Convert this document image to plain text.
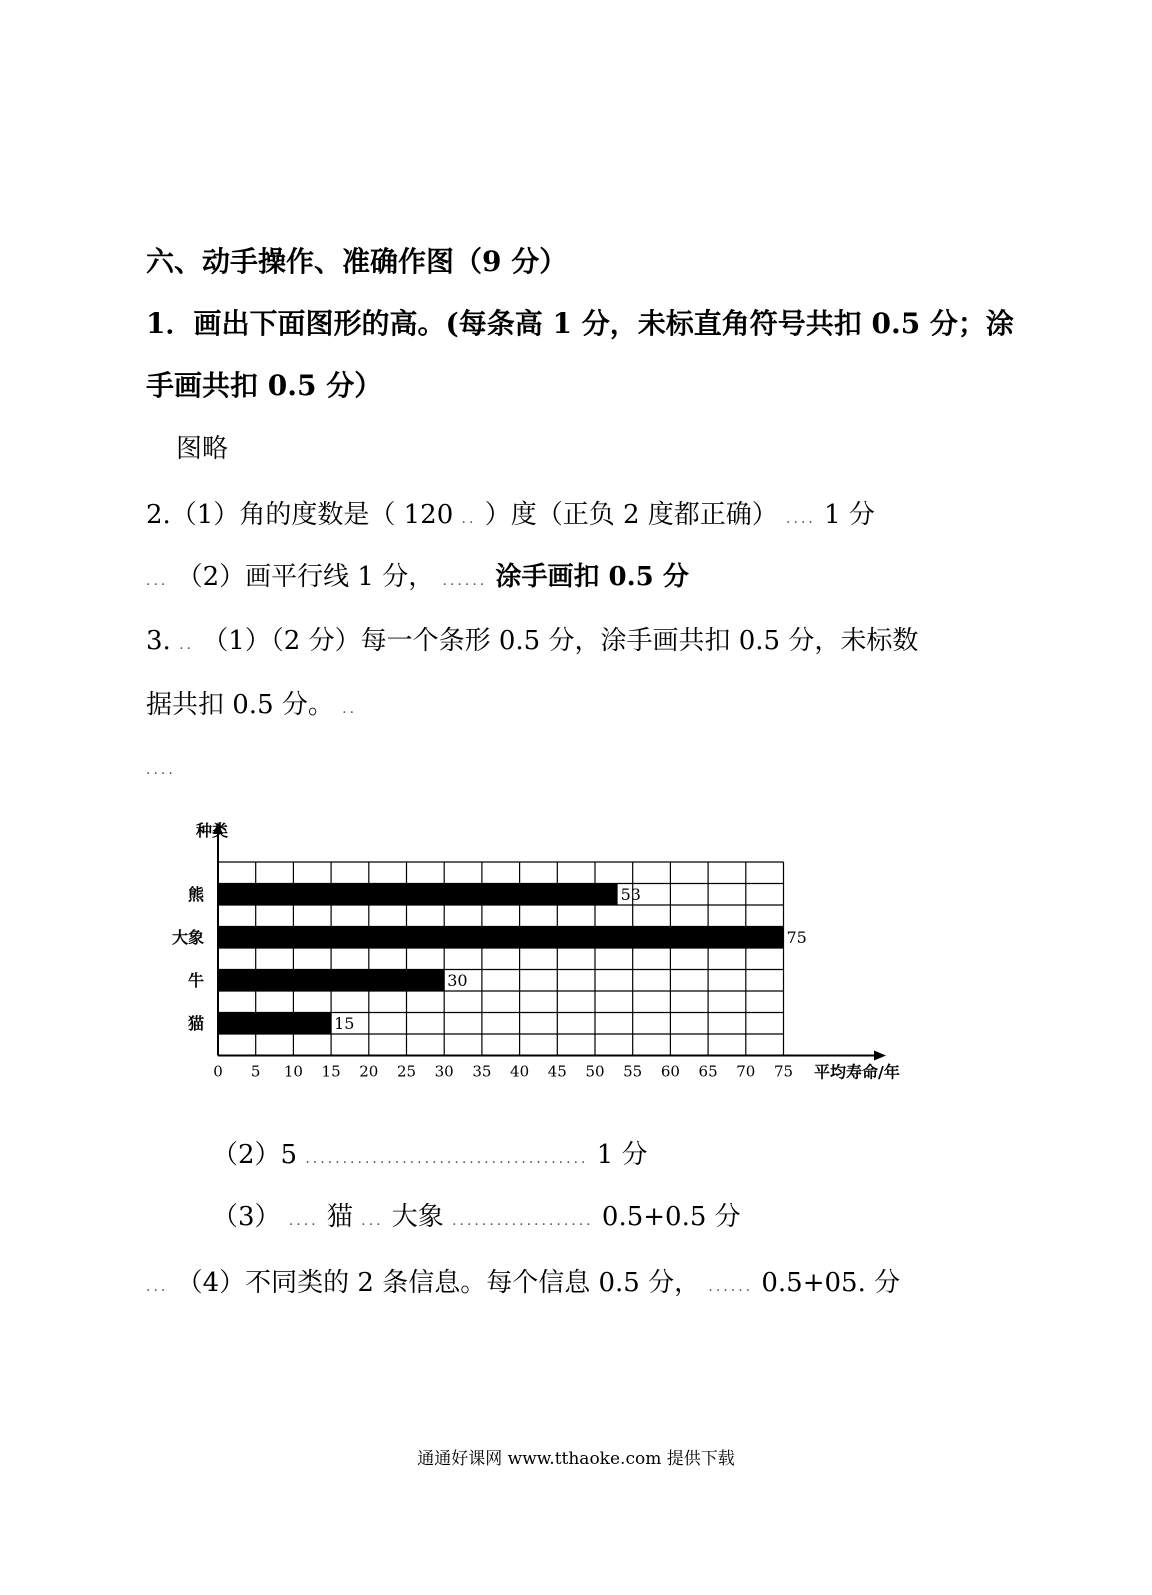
六、动手操作、准确作图（9 分）
1．画出下面图形的高。(每条高 1 分，未标直角符号共扣 0.5 分；涂
手画共扣 0.5 分）
图略
2.（1）角的度数是（ 120 .. ）度（正负 2 度都正确） .... 1 分
... （2）画平行线 1 分， ...... 涂手画扣 0.5 分
3. .. （1）（2 分）每一个条形 0.5 分，涂手画共扣 0.5 分，未标数
据共扣 0.5 分。 ..
....
种类
平均寿命/年
0 5 10 15 20 25 30 35 40 45 50 55 60 65 70 75
熊	53
大象	75
牛	30
猫	15
（2）5 ...................................... 1 分
（3） .... 猫 ... 大象 ................... 0.5+0.5 分
... （4）不同类的 2 条信息。每个信息 0.5 分， ...... 0.5+05. 分
通通好课网 www.tthaoke.com 提供下载
